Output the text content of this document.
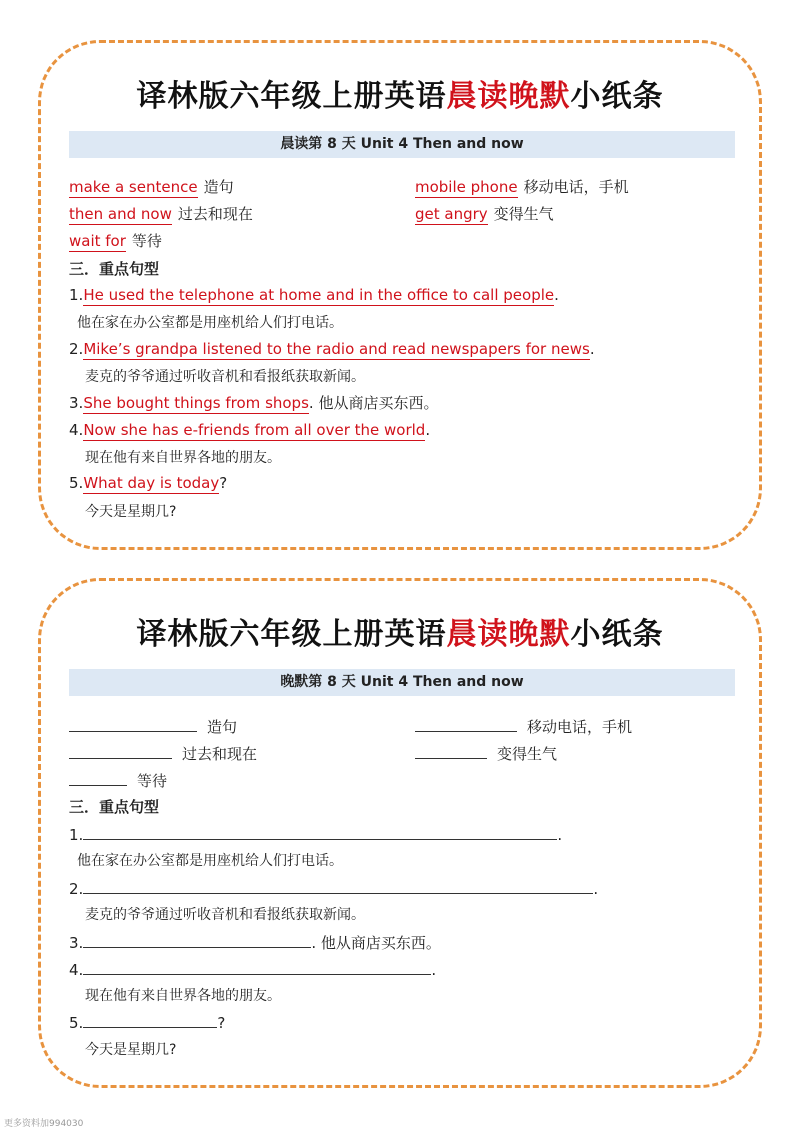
译林版六年级上册英语晨读晚默小纸条
晨读第 8 天 Unit 4 Then and now
make a sentence 造句	mobile phone 移动电话，手机
then and now 过去和现在	get angry 变得生气
wait for 等待
三．重点句型
1.He used the telephone at home and in the office to call people.
他在家在办公室都是用座机给人们打电话。
2.Mike’s grandpa listened to the radio and read newspapers for news.
麦克的爷爷通过听收音机和看报纸获取新闻。
3.She bought things from shops. 他从商店买东西。
4.Now she has e-friends from all over the world.
现在他有来自世界各地的朋友。
5.What day is today?
今天是星期几?
译林版六年级上册英语晨读晚默小纸条
晚默第 8 天 Unit 4 Then and now
造句	移动电话，手机
过去和现在	变得生气
等待
三．重点句型
1.	.
他在家在办公室都是用座机给人们打电话。
2.	.
麦克的爷爷通过听收音机和看报纸获取新闻。
3.	. 他从商店买东西。
4.	.
现在他有来自世界各地的朋友。
5.	?
今天是星期几?
更多资料加994030
